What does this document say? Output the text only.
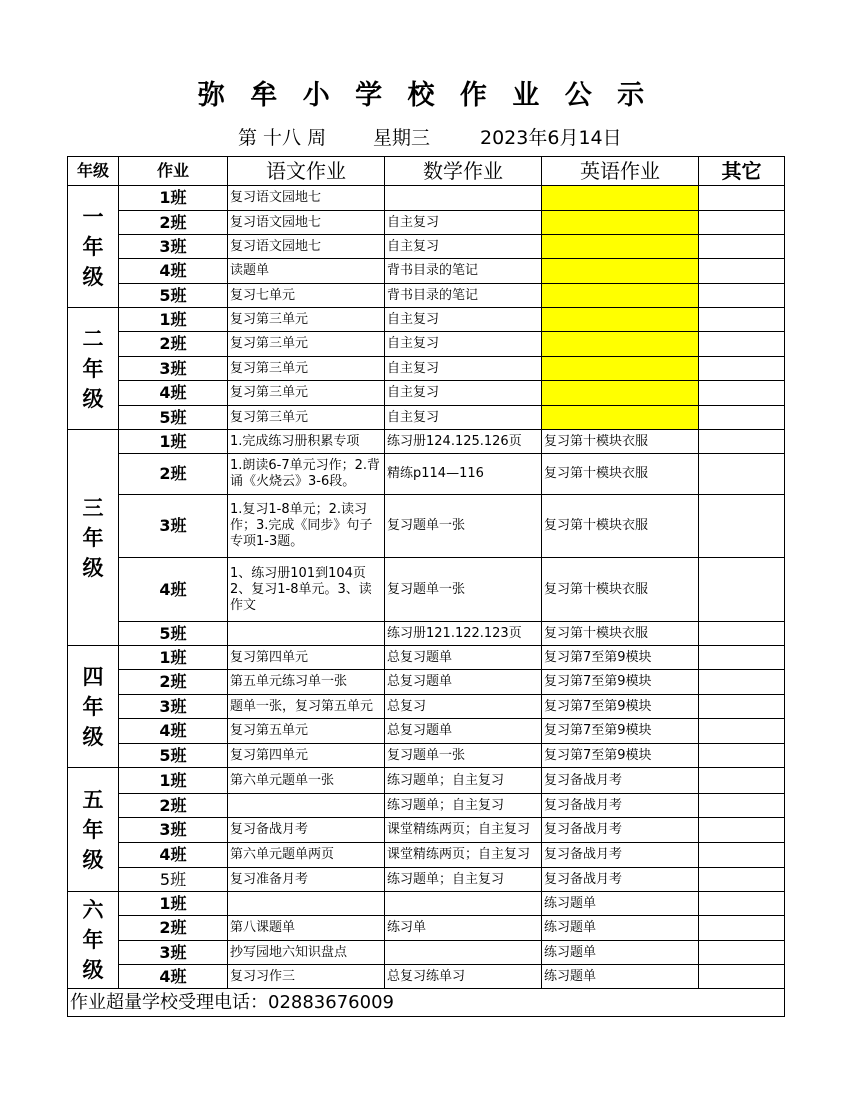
弥 牟 小 学 校 作 业 公 示
第 十八 周 星期三	2023年6月14日
年级	作业	语文作业	数学作业	英语作业	其它

一
年
级	1班	复习语文园地七			
	2班	复习语文园地七	自主复习		
	3班	复习语文园地七	自主复习		
	4班	读题单	背书目录的笔记		
	5班	复习七单元	背书目录的笔记		

二
年
级	1班	复习第三单元	自主复习		
	2班	复习第三单元	自主复习		
	3班	复习第三单元	自主复习		
	4班	复习第三单元	自主复习		
	5班	复习第三单元	自主复习		

三
年
级	1班	1.完成练习册积累专项	练习册124.125.126页	复习第十模块衣服	
	2班	1.朗读6-7单元习作；2.背诵《火烧云》3-6段。	精练p114—116	复习第十模块衣服	
	3班	1.复习1-8单元；2.读习作；3.完成《同步》句子专项1-3题。	复习题单一张	复习第十模块衣服	
	4班	1、练习册101到104页 2、复习1-8单元。3、读作文	复习题单一张	复习第十模块衣服	
	5班		练习册121.122.123页	复习第十模块衣服	

四
年
级	1班	复习第四单元	总复习题单	复习第7至第9模块	
	2班	第五单元练习单一张	总复习题单	复习第7至第9模块	
	3班	题单一张，复习第五单元	总复习	复习第7至第9模块	
	4班	复习第五单元	总复习题单	复习第7至第9模块	
	5班	复习第四单元	复习题单一张	复习第7至第9模块	

五
年
级	1班	第六单元题单一张	练习题单；自主复习	复习备战月考	
	2班		练习题单；自主复习	复习备战月考	
	3班	复习备战月考	课堂精练两页；自主复习	复习备战月考	
	4班	第六单元题单两页	课堂精练两页；自主复习	复习备战月考	
	5班	复习准备月考	练习题单；自主复习	复习备战月考	

六
年
级	1班			练习题单	
	2班	第八课题单	练习单	练习题单	
	3班	抄写园地六知识盘点		练习题单	
	4班	复习习作三	总复习练单习	练习题单	
作业超量学校受理电话：02883676009					
